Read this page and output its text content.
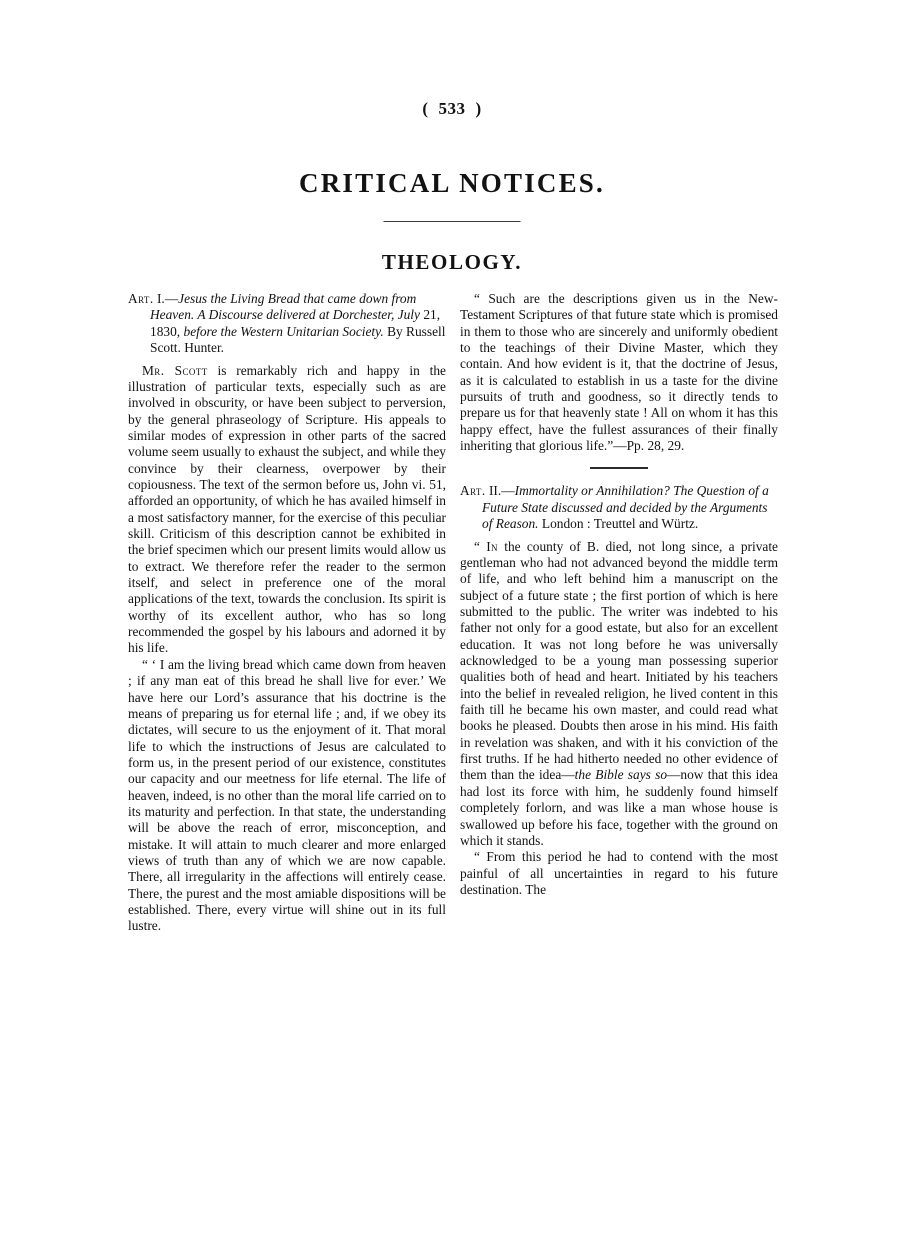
( 533 )
CRITICAL NOTICES.
THEOLOGY.
Art. I.—Jesus the Living Bread that came down from Heaven. A Discourse delivered at Dorchester, July 21, 1830, before the Western Unitarian Society. By Russell Scott. Hunter.

Mr. Scott is remarkably rich and happy in the illustration of particular texts, especially such as are involved in obscurity, or have been subject to perversion, by the general phraseology of Scripture. His appeals to similar modes of expression in other parts of the sacred volume seem usually to exhaust the subject, and while they convince by their clearness, overpower by their copiousness. The text of the sermon before us, John vi. 51, afforded an opportunity, of which he has availed himself in a most satisfactory manner, for the exercise of this peculiar skill. Criticism of this description cannot be exhibited in the brief specimen which our present limits would allow us to extract. We therefore refer the reader to the sermon itself, and select in preference one of the moral applications of the text, towards the conclusion. Its spirit is worthy of its excellent author, who has so long recommended the gospel by his labours and adorned it by his life.

“ ‘ I am the living bread which came down from heaven ; if any man eat of this bread he shall live for ever.’ We have here our Lord’s assurance that his doctrine is the means of preparing us for eternal life ; and, if we obey its dictates, will secure to us the enjoyment of it. That moral life to which the instructions of Jesus are calculated to form us, in the present period of our existence, constitutes our capacity and our meetness for life eternal. The life of heaven, indeed, is no other than the moral life carried on to its maturity and perfection. In that state, the understanding will be above the reach of error, misconception, and mistake. It will attain to much clearer and more enlarged views of truth than any of which we are now capable. There, all irregularity in the affections will entirely cease. There, the purest and the most amiable dispositions will be established. There, every virtue will shine out in its full lustre.

“ Such are the descriptions given us in the New-Testament Scriptures of that future state which is promised in them to those who are sincerely and uniformly obedient to the teachings of their Divine Master, which they contain. And how evident is it, that the doctrine of Jesus, as it is calculated to establish in us a taste for the divine pursuits of truth and goodness, so it directly tends to prepare us for that heavenly state ! All on whom it has this happy effect, have the fullest assurances of their finally inheriting that glorious life.”—Pp. 28, 29.

Art. II.—Immortality or Annihilation? The Question of a Future State discussed and decided by the Arguments of Reason. London : Treuttel and Würtz.

“ In the county of B. died, not long since, a private gentleman who had not advanced beyond the middle term of life, and who left behind him a manuscript on the subject of a future state ; the first portion of which is here submitted to the public. The writer was indebted to his father not only for a good estate, but also for an excellent education. It was not long before he was universally acknowledged to be a young man possessing superior qualities both of head and heart. Initiated by his teachers into the belief in revealed religion, he lived content in this faith till he became his own master, and could read what books he pleased. Doubts then arose in his mind. His faith in revelation was shaken, and with it his conviction of the first truths. If he had hitherto needed no other evidence of them than the idea—the Bible says so—now that this idea had lost its force with him, he suddenly found himself completely forlorn, and was like a man whose house is swallowed up before his face, together with the ground on which it stands.

“ From this period he had to contend with the most painful of all uncertainties in regard to his future destination. The
